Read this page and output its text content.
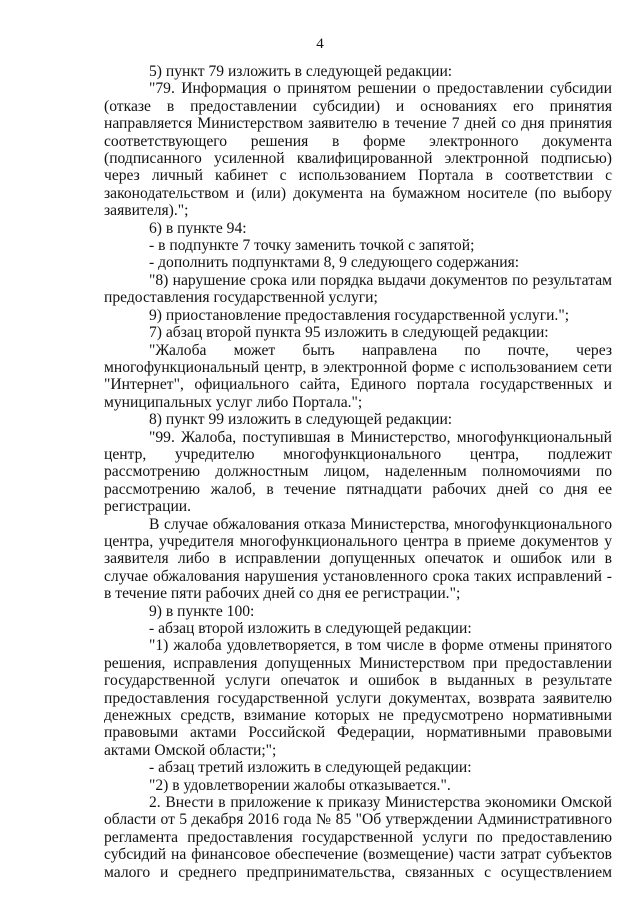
4

5) пункт 79 изложить в следующей редакции:

"79. Информация о принятом решении о предоставлении субсидии (отказе в предоставлении субсидии) и основаниях его принятия направляется Министерством заявителю в течение 7 дней со дня принятия соответствующего решения в форме электронного документа (подписанного усиленной квалифицированной электронной подписью) через личный кабинет с использованием Портала в соответствии с законодательством и (или) документа на бумажном носителе (по выбору заявителя).";

6) в пункте 94:

- в подпункте 7 точку заменить точкой с запятой;

- дополнить подпунктами 8, 9 следующего содержания:

"8) нарушение срока или порядка выдачи документов по результатам предоставления государственной услуги;

9) приостановление предоставления государственной услуги.";

7) абзац второй пункта 95 изложить в следующей редакции:

"Жалоба может быть направлена по почте, через многофункциональный центр, в электронной форме с использованием сети "Интернет", официального сайта, Единого портала государственных и муниципальных услуг либо Портала.";

8) пункт 99 изложить в следующей редакции:

"99. Жалоба, поступившая в Министерство, многофункциональный центр, учредителю многофункционального центра, подлежит рассмотрению должностным лицом, наделенным полномочиями по рассмотрению жалоб, в течение пятнадцати рабочих дней со дня ее регистрации.

В случае обжалования отказа Министерства, многофункционального центра, учредителя многофункционального центра в приеме документов у заявителя либо в исправлении допущенных опечаток и ошибок или в случае обжалования нарушения установленного срока таких исправлений - в течение пяти рабочих дней со дня ее регистрации.";

9) в пункте 100:

- абзац второй изложить в следующей редакции:

"1) жалоба удовлетворяется, в том числе в форме отмены принятого решения, исправления допущенных Министерством при предоставлении государственной услуги опечаток и ошибок в выданных в результате предоставления государственной услуги документах, возврата заявителю денежных средств, взимание которых не предусмотрено нормативными правовыми актами Российской Федерации, нормативными правовыми актами Омской области;";

- абзац третий изложить в следующей редакции:

"2) в удовлетворении жалобы отказывается.".

2. Внести в приложение к приказу Министерства экономики Омской области от 5 декабря 2016 года № 85 "Об утверждении Административного регламента предоставления государственной услуги по предоставлению субсидий на финансовое обеспечение (возмещение) части затрат субъектов малого и среднего предпринимательства, связанных с осуществлением
